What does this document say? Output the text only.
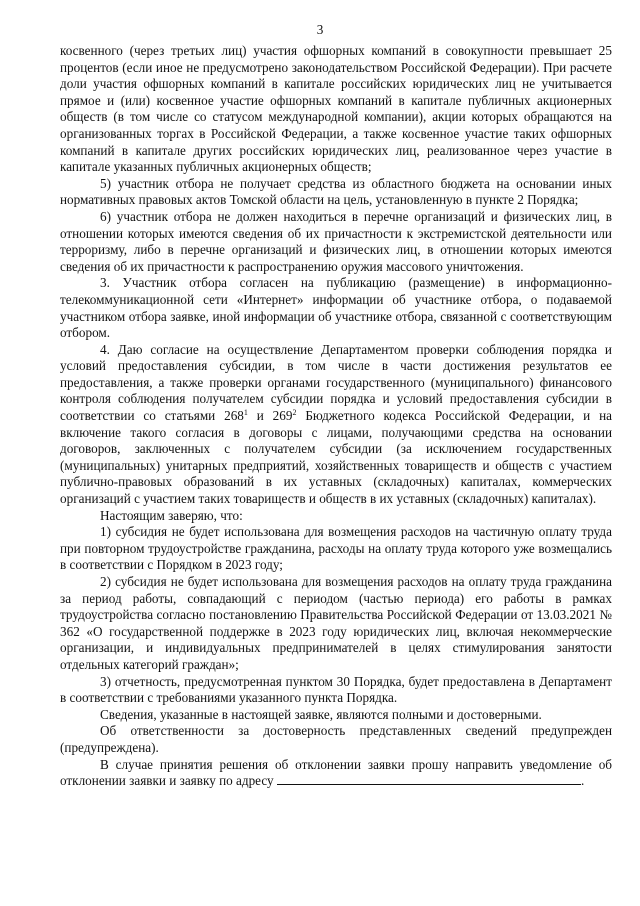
3

косвенного (через третьих лиц) участия офшорных компаний в совокупности превышает 25 процентов (если иное не предусмотрено законодательством Российской Федерации). При расчете доли участия офшорных компаний в капитале российских юридических лиц не учитывается прямое и (или) косвенное участие офшорных компаний в капитале публичных акционерных обществ (в том числе со статусом международной компании), акции которых обращаются на организованных торгах в Российской Федерации, а также косвенное участие таких офшорных компаний в капитале других российских юридических лиц, реализованное через участие в капитале указанных публичных акционерных обществ;

5) участник отбора не получает средства из областного бюджета на основании иных нормативных правовых актов Томской области на цель, установленную в пункте 2 Порядка;

6) участник отбора не должен находиться в перечне организаций и физических лиц, в отношении которых имеются сведения об их причастности к экстремистской деятельности или терроризму, либо в перечне организаций и физических лиц, в отношении которых имеются сведения об их причастности к распространению оружия массового уничтожения.

3. Участник отбора согласен на публикацию (размещение) в информационно-телекоммуникационной сети «Интернет» информации об участнике отбора, о подаваемой участником отбора заявке, иной информации об участнике отбора, связанной с соответствующим отбором.

4. Даю согласие на осуществление Департаментом проверки соблюдения порядка и условий предоставления субсидии, в том числе в части достижения результатов ее предоставления, а также проверки органами государственного (муниципального) финансового контроля соблюдения получателем субсидии порядка и условий предоставления субсидии в соответствии со статьями $268^1$ и $269^2$ Бюджетного кодекса Российской Федерации, и на включение такого согласия в договоры с лицами, получающими средства на основании договоров, заключенных с получателем субсидии (за исключением государственных (муниципальных) унитарных предприятий, хозяйственных товариществ и обществ с участием публично-правовых образований в их уставных (складочных) капиталах, коммерческих организаций с участием таких товариществ и обществ в их уставных (складочных) капиталах).

Настоящим заверяю, что:

1) субсидия не будет использована для возмещения расходов на частичную оплату труда при повторном трудоустройстве гражданина, расходы на оплату труда которого уже возмещались в соответствии с Порядком в 2023 году;

2) субсидия не будет использована для возмещения расходов на оплату труда гражданина за период работы, совпадающий с периодом (частью периода) его работы в рамках трудоустройства согласно постановлению Правительства Российской Федерации от 13.03.2021 № 362 «О государственной поддержке в 2023 году юридических лиц, включая некоммерческие организации, и индивидуальных предпринимателей в целях стимулирования занятости отдельных категорий граждан»;

3) отчетность, предусмотренная пунктом 30 Порядка, будет предоставлена в Департамент в соответствии с требованиями указанного пункта Порядка.

Сведения, указанные в настоящей заявке, являются полными и достоверными.

Об ответственности за достоверность представленных сведений предупрежден (предупреждена).

В случае принятия решения об отклонении заявки прошу направить уведомление об отклонении заявки и заявку по адресу	.
